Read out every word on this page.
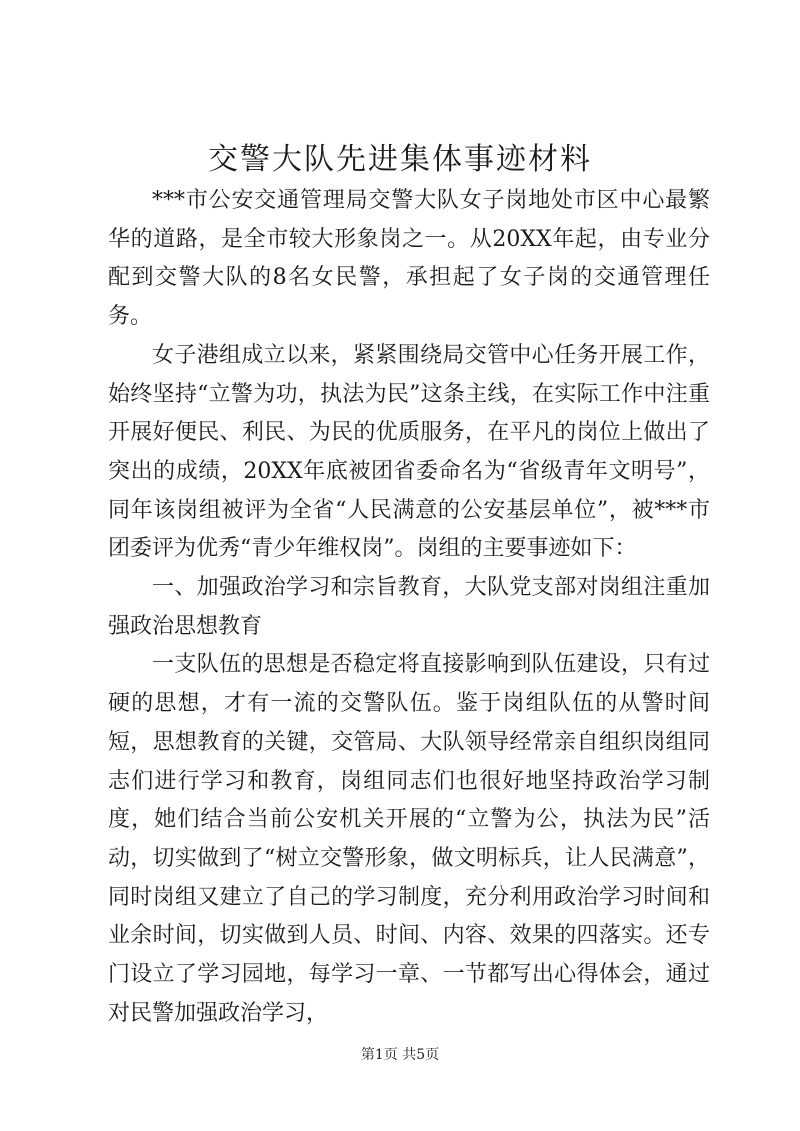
交警大队先进集体事迹材料

***市公安交通管理局交警大队女子岗地处市区中心最繁华的道路，是全市较大形象岗之一。从20XX年起，由专业分配到交警大队的8名女民警，承担起了女子岗的交通管理任务。

女子港组成立以来，紧紧围绕局交管中心任务开展工作，始终坚持“立警为功，执法为民”这条主线，在实际工作中注重开展好便民、利民、为民的优质服务，在平凡的岗位上做出了突出的成绩，20XX年底被团省委命名为“省级青年文明号”，同年该岗组被评为全省“人民满意的公安基层单位”，被***市团委评为优秀“青少年维权岗”。岗组的主要事迹如下：

一、加强政治学习和宗旨教育，大队党支部对岗组注重加强政治思想教育

一支队伍的思想是否稳定将直接影响到队伍建设，只有过硬的思想，才有一流的交警队伍。鉴于岗组队伍的从警时间短，思想教育的关键，交管局、大队领导经常亲自组织岗组同志们进行学习和教育，岗组同志们也很好地坚持政治学习制度，她们结合当前公安机关开展的“立警为公，执法为民”活动，切实做到了“树立交警形象，做文明标兵，让人民满意”，同时岗组又建立了自己的学习制度，充分利用政治学习时间和业余时间，切实做到人员、时间、内容、效果的四落实。还专门设立了学习园地，每学习一章、一节都写出心得体会，通过对民警加强政治学习，

第1页 共5页
